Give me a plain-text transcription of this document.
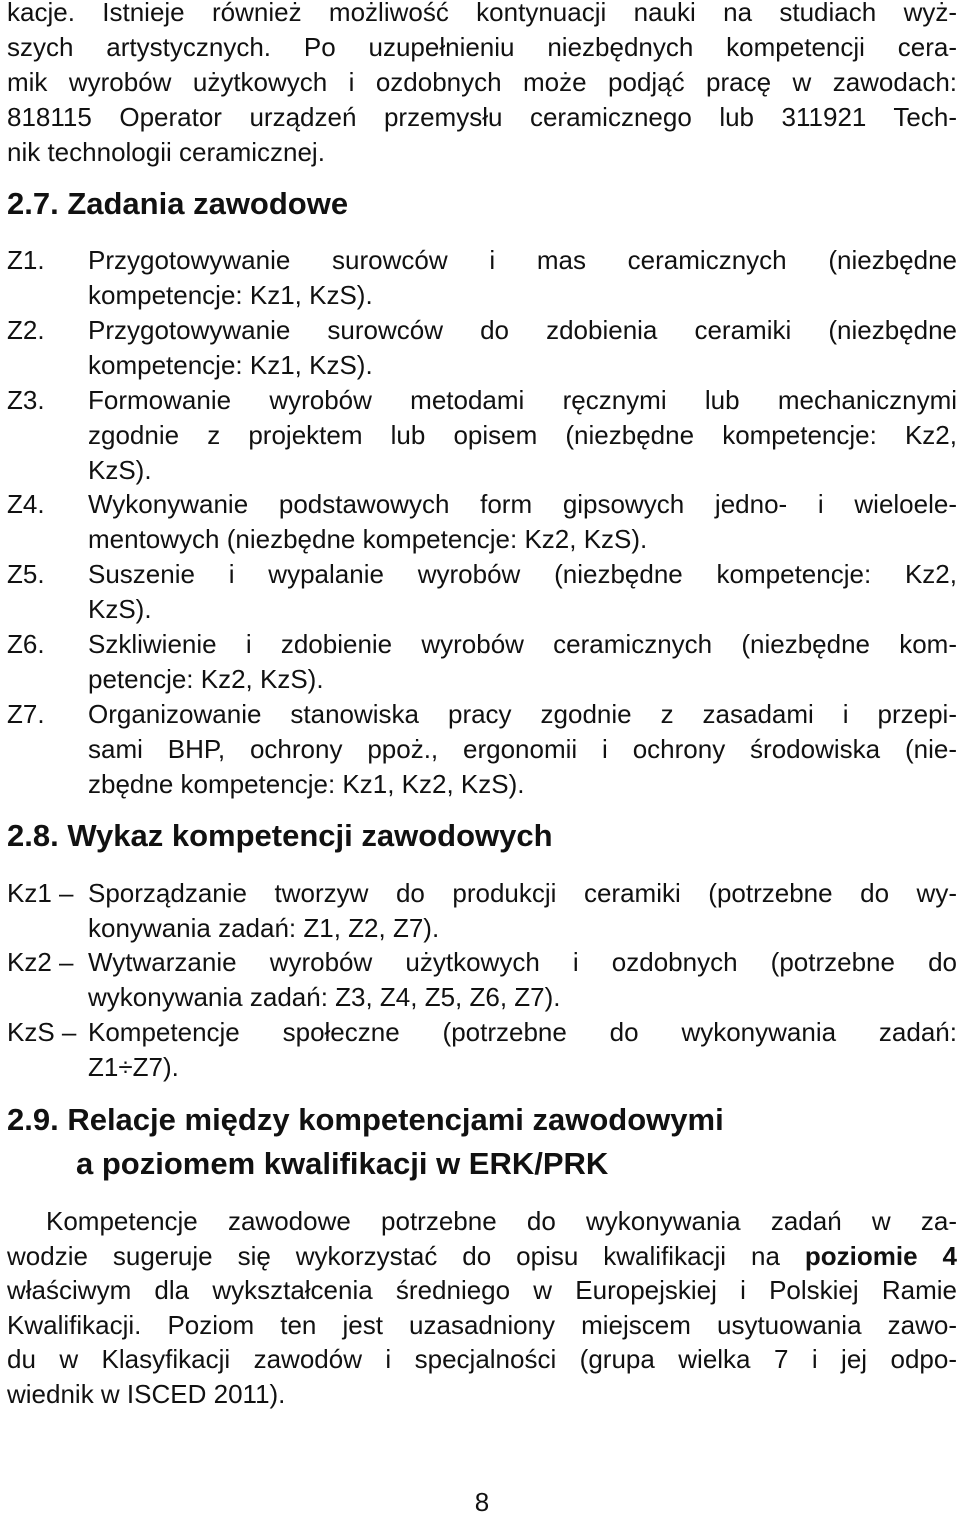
kacje. Istnieje również możliwość kontynuacji nauki na studiach wyż-
szych artystycznych. Po uzupełnieniu niezbędnych kompetencji cera-
mik wyrobów użytkowych i ozdobnych może podjąć pracę w zawodach:
818115 Operator urządzeń przemysłu ceramicznego lub 311921 Tech-
nik technologii ceramicznej.
2.7. Zadania zawodowe
Z1. Przygotowywanie surowców i mas ceramicznych (niezbędne
kompetencje: Kz1, KzS).
Z2. Przygotowywanie surowców do zdobienia ceramiki (niezbędne
kompetencje: Kz1, KzS).
Z3. Formowanie wyrobów metodami ręcznymi lub mechanicznymi
zgodnie z projektem lub opisem (niezbędne kompetencje: Kz2,
KzS).
Z4. Wykonywanie podstawowych form gipsowych jedno- i wieloele-
mentowych (niezbędne kompetencje: Kz2, KzS).
Z5. Suszenie i wypalanie wyrobów (niezbędne kompetencje: Kz2,
KzS).
Z6. Szkliwienie i zdobienie wyrobów ceramicznych (niezbędne kom-
petencje: Kz2, KzS).
Z7. Organizowanie stanowiska pracy zgodnie z zasadami i przepi-
sami BHP, ochrony ppoż., ergonomii i ochrony środowiska (nie-
zbędne kompetencje: Kz1, Kz2, KzS).
2.8. Wykaz kompetencji zawodowych
Kz1 – Sporządzanie tworzyw do produkcji ceramiki (potrzebne do wy-
konywania zadań: Z1, Z2, Z7).
Kz2 – Wytwarzanie wyrobów użytkowych i ozdobnych (potrzebne do
wykonywania zadań: Z3, Z4, Z5, Z6, Z7).
KzS – Kompetencje społeczne (potrzebne do wykonywania zadań:
Z1÷Z7).
2.9. Relacje między kompetencjami zawodowymi
a poziomem kwalifikacji w ERK/PRK
Kompetencje zawodowe potrzebne do wykonywania zadań w za-
wodzie sugeruje się wykorzystać do opisu kwalifikacji na poziomie 4
właściwym dla wykształcenia średniego w Europejskiej i Polskiej Ramie
Kwalifikacji. Poziom ten jest uzasadniony miejscem usytuowania zawo-
du w Klasyfikacji zawodów i specjalności (grupa wielka 7 i jej odpo-
wiednik w ISCED 2011).
8
